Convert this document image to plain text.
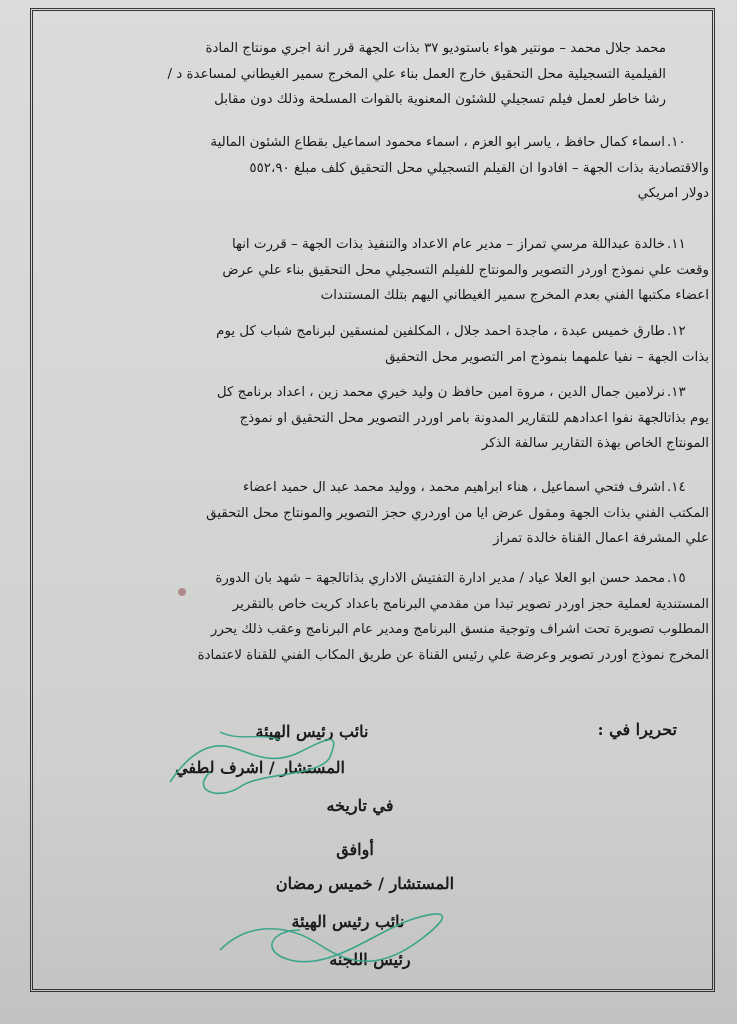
محمد جلال محمد – مونتير هواء باستوديو ٣٧ بذات الجهة قرر انة اجري مونتاج المادة
الفيلمية التسجيلية محل التحقيق خارج العمل بناء علي المخرج سمير الغيطاني لمساعدة د /
رشا خاطر لعمل فيلم تسجيلي للشئون المعنوية بالقوات المسلحة وذلك دون مقابل
.١٠
اسماء كمال حافظ ، ياسر ابو العزم ، اسماء محمود اسماعيل بقطاع الشئون المالية
والاقتصادية بذات الجهة – افادوا ان الفيلم التسجيلي محل التحقيق كلف مبلغ ٥٥٢،٩٠
دولار امريكي
.١١
خالدة عبداللة مرسي تمراز – مدير عام الاعداد والتنفيذ بذات الجهة – قررت انها
وقعت علي نموذج اوردر التصوير والمونتاج للفيلم التسجيلي محل التحقيق بناء علي عرض
اعضاء مكتبها الفني بعدم المخرج سمير الغيطاني اليهم بتلك المستندات
.١٢
طارق خميس عبدة ، ماجدة احمد جلال ، المكلفين لمنسقين لبرنامج شباب كل يوم
بذات الجهة – نفيا علمهما بنموذج امر التصوير محل التحقيق
.١٣
نرلامين جمال الدين ، مروة امين حافظ ن وليد خيري محمد زين ، اعداد برنامج كل
يوم بذاتالجهة نفوا اعدادهم للتقارير المدونة بامر اوردر التصوير محل التحقيق او نموذج
المونتاج الخاص بهذة التقارير سالفة الذكر
.١٤
اشرف فتحي اسماعيل ، هناء ابراهيم محمد ، ووليد محمد عبد ال حميد اعضاء
المكتب الفني بذات الجهة ومقول عرض ايا من اوردري حجز التصوير والمونتاج محل التحقيق
علي المشرفة اعمال القناة خالدة تمراز
.١٥
محمد حسن ابو العلا عياد / مدير ادارة التفتيش الاداري بذاتالجهة – شهد بان الدورة
المستندية لعملية حجز اوردر تصوير تبدا من مقدمي البرنامج باعداد كريت خاص بالتقرير
المطلوب تصويرة تحت اشراف وتوجية منسق البرنامج ومدير عام البرنامج وعقب ذلك يحرر
المخرج نموذج اوردر تصوير وعرضة علي رئيس القناة عن طريق المكاب الفني للقناة لاعتمادة
تحريرا في :
نائب رئيس الهيئة
المستشار / اشرف لطفي
في تاريخه
أوافق
المستشار / خميس رمضان
نائب رئيس الهيئة
رئيس اللجنه
